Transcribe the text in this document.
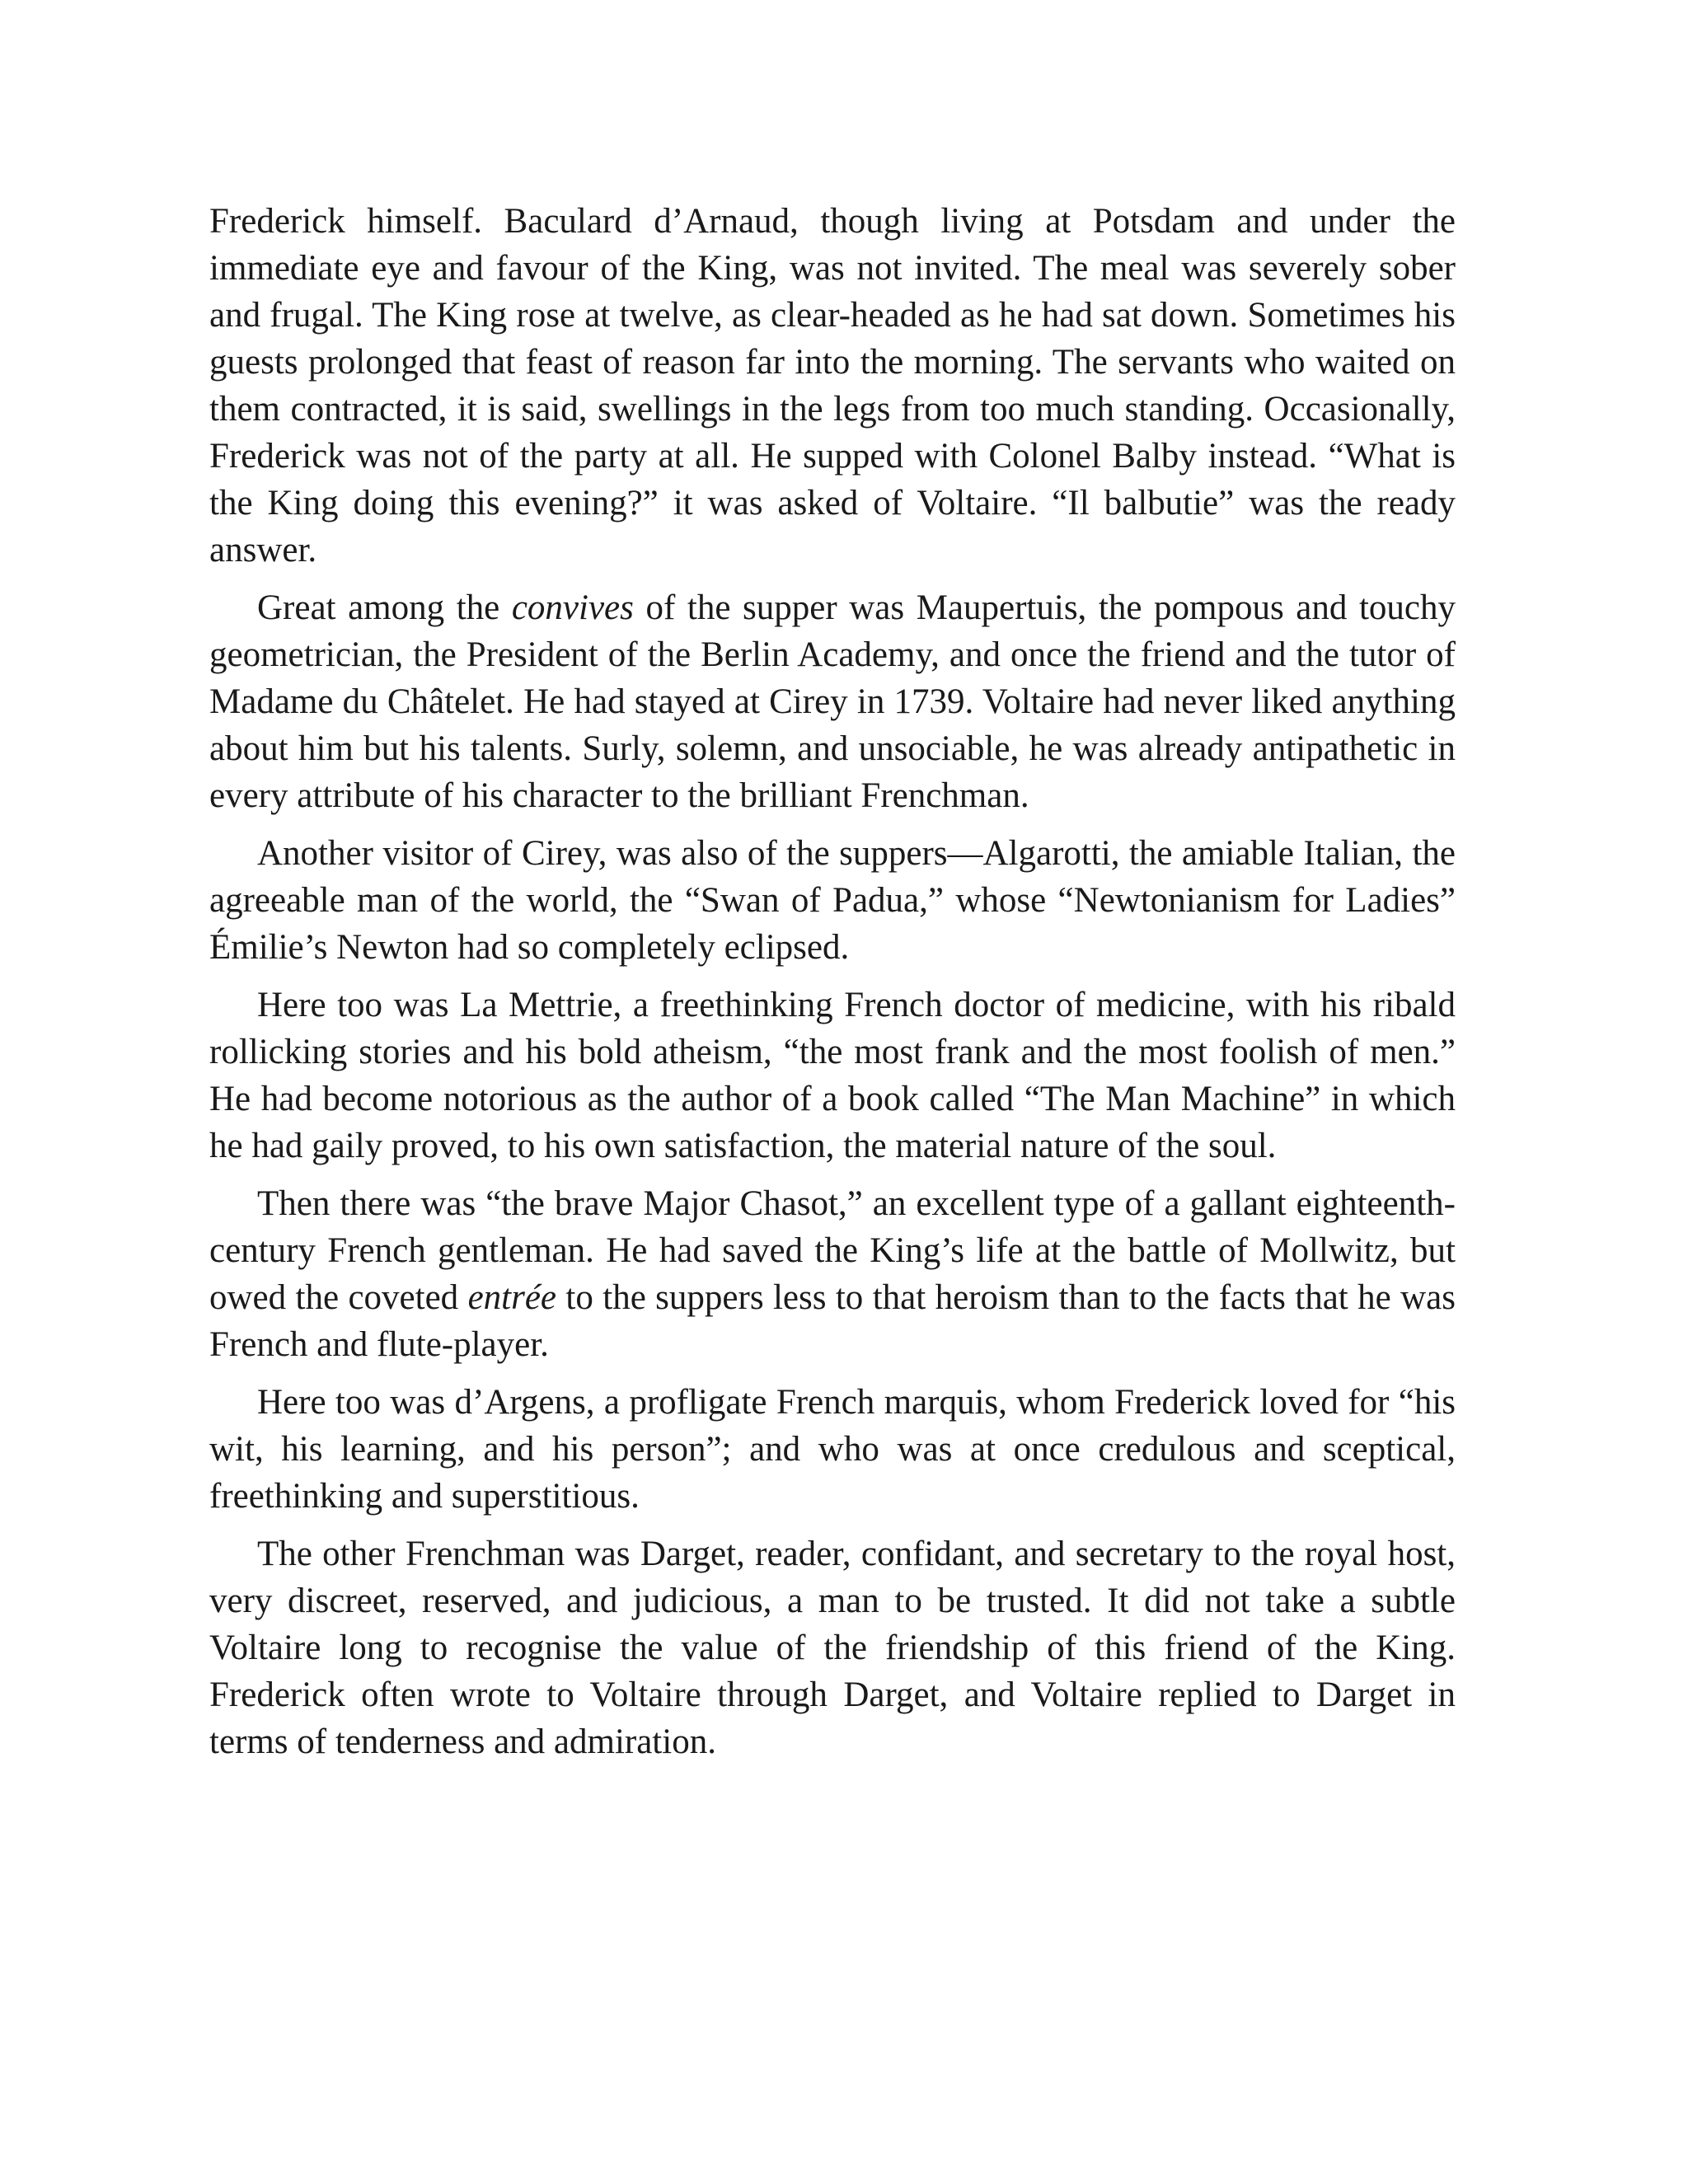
Frederick himself. Baculard d’Arnaud, though living at Potsdam and under the immediate eye and favour of the King, was not invited. The meal was severely sober and frugal. The King rose at twelve, as clear-headed as he had sat down. Sometimes his guests prolonged that feast of reason far into the morning. The servants who waited on them contracted, it is said, swellings in the legs from too much standing. Occasionally, Frederick was not of the party at all. He supped with Colonel Balby instead. “What is the King doing this evening?” it was asked of Voltaire. “Il balbutie” was the ready answer.

Great among the convives of the supper was Maupertuis, the pompous and touchy geometrician, the President of the Berlin Academy, and once the friend and the tutor of Madame du Châtelet. He had stayed at Cirey in 1739. Voltaire had never liked anything about him but his talents. Surly, solemn, and unsociable, he was already antipathetic in every attribute of his character to the brilliant Frenchman.

Another visitor of Cirey, was also of the suppers—Algarotti, the amiable Italian, the agreeable man of the world, the “Swan of Padua,” whose “Newtonianism for Ladies” Émilie’s Newton had so completely eclipsed.

Here too was La Mettrie, a freethinking French doctor of medicine, with his ribald rollicking stories and his bold atheism, “the most frank and the most foolish of men.” He had become notorious as the author of a book called “The Man Machine” in which he had gaily proved, to his own satisfaction, the material nature of the soul.

Then there was “the brave Major Chasot,” an excellent type of a gallant eighteenth-century French gentleman. He had saved the King’s life at the battle of Mollwitz, but owed the coveted entrée to the suppers less to that heroism than to the facts that he was French and flute-player.

Here too was d’Argens, a profligate French marquis, whom Frederick loved for “his wit, his learning, and his person”; and who was at once credulous and sceptical, freethinking and superstitious.

The other Frenchman was Darget, reader, confidant, and secretary to the royal host, very discreet, reserved, and judicious, a man to be trusted. It did not take a subtle Voltaire long to recognise the value of the friendship of this friend of the King. Frederick often wrote to Voltaire through Darget, and Voltaire replied to Darget in terms of tenderness and admiration.
